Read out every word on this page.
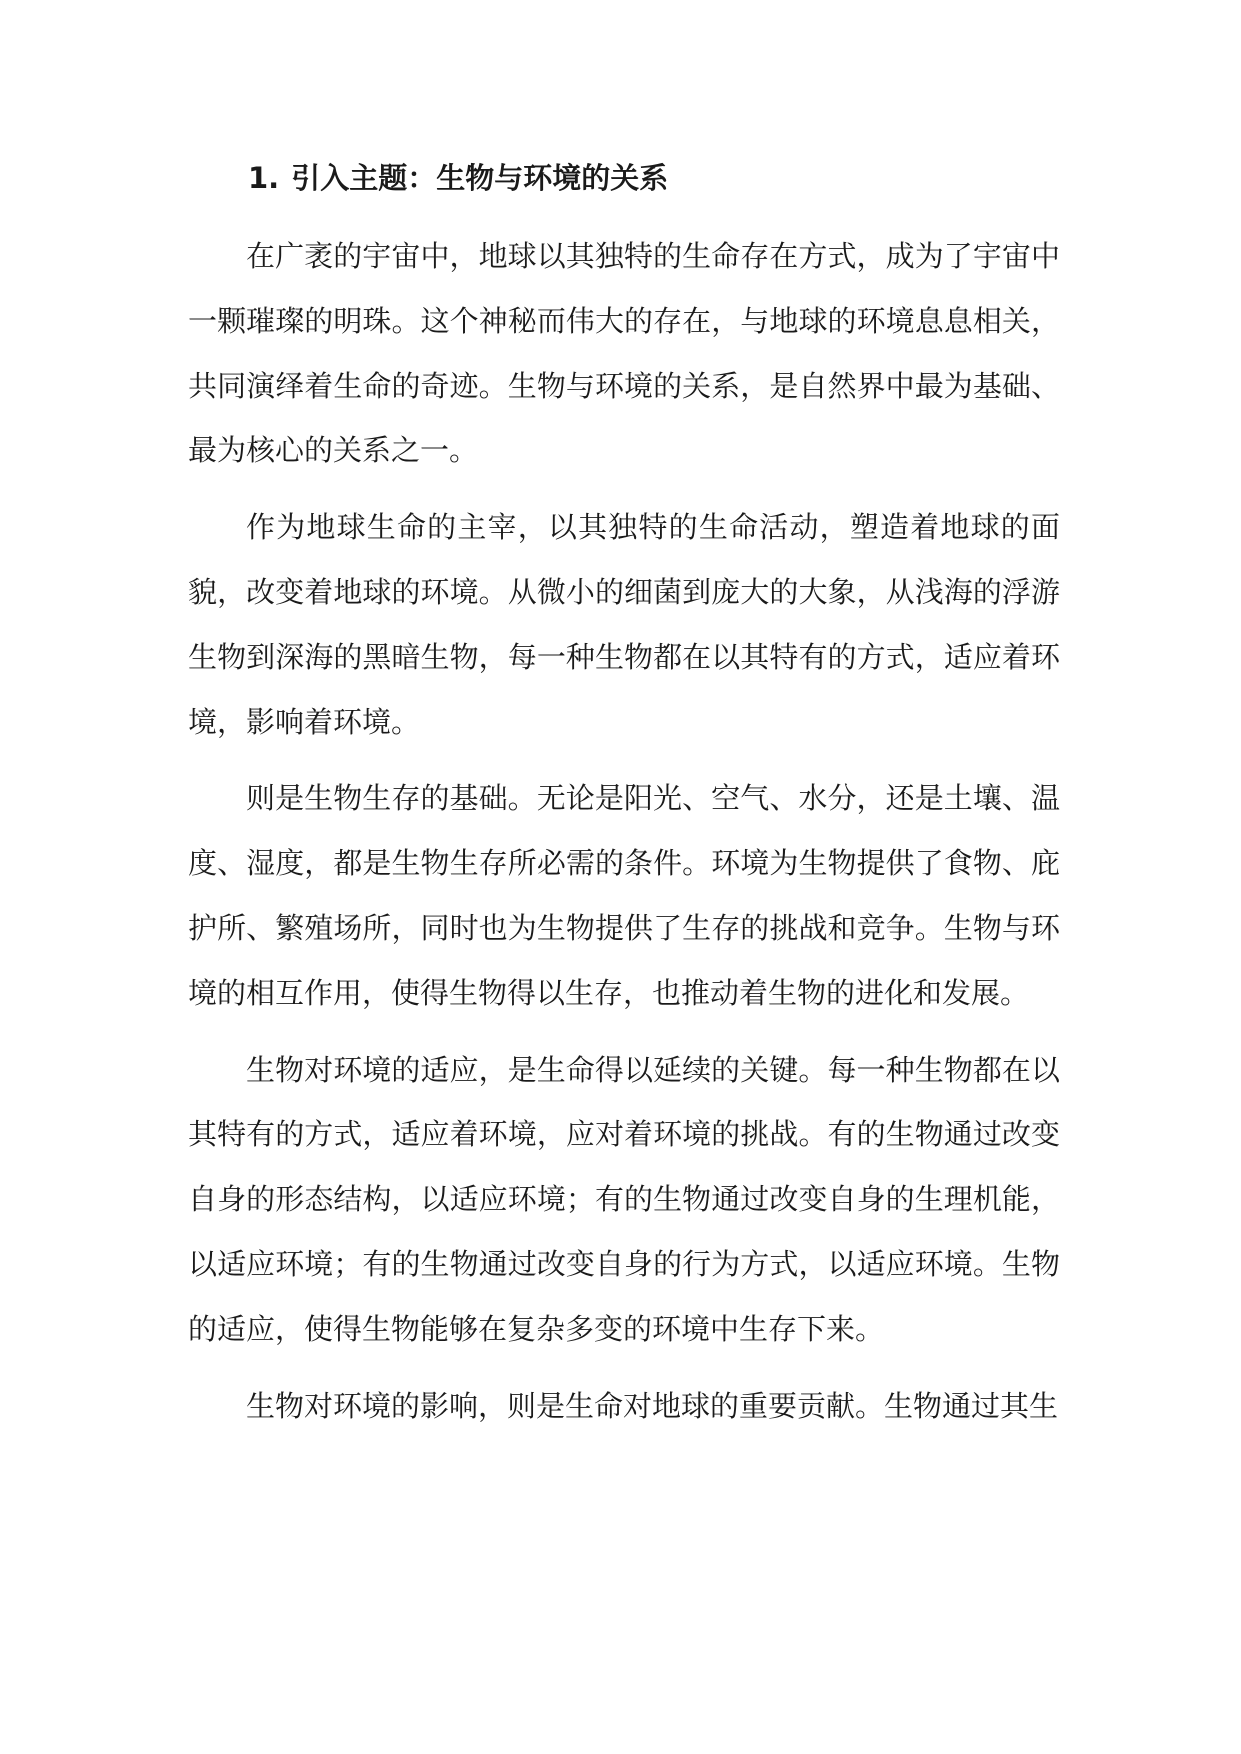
1. 引入主题：生物与环境的关系

在广袤的宇宙中，地球以其独特的生命存在方式，成为了宇宙中一颗璀璨的明珠。这个神秘而伟大的存在，与地球的环境息息相关，共同演绎着生命的奇迹。生物与环境的关系，是自然界中最为基础、最为核心的关系之一。

作为地球生命的主宰，以其独特的生命活动，塑造着地球的面貌，改变着地球的环境。从微小的细菌到庞大的大象，从浅海的浮游生物到深海的黑暗生物，每一种生物都在以其特有的方式，适应着环境，影响着环境。

则是生物生存的基础。无论是阳光、空气、水分，还是土壤、温度、湿度，都是生物生存所必需的条件。环境为生物提供了食物、庇护所、繁殖场所，同时也为生物提供了生存的挑战和竞争。生物与环境的相互作用，使得生物得以生存，也推动着生物的进化和发展。

生物对环境的适应，是生命得以延续的关键。每一种生物都在以其特有的方式，适应着环境，应对着环境的挑战。有的生物通过改变自身的形态结构，以适应环境；有的生物通过改变自身的生理机能，以适应环境；有的生物通过改变自身的行为方式，以适应环境。生物的适应，使得生物能够在复杂多变的环境中生存下来。

生物对环境的影响，则是生命对地球的重要贡献。生物通过其生
